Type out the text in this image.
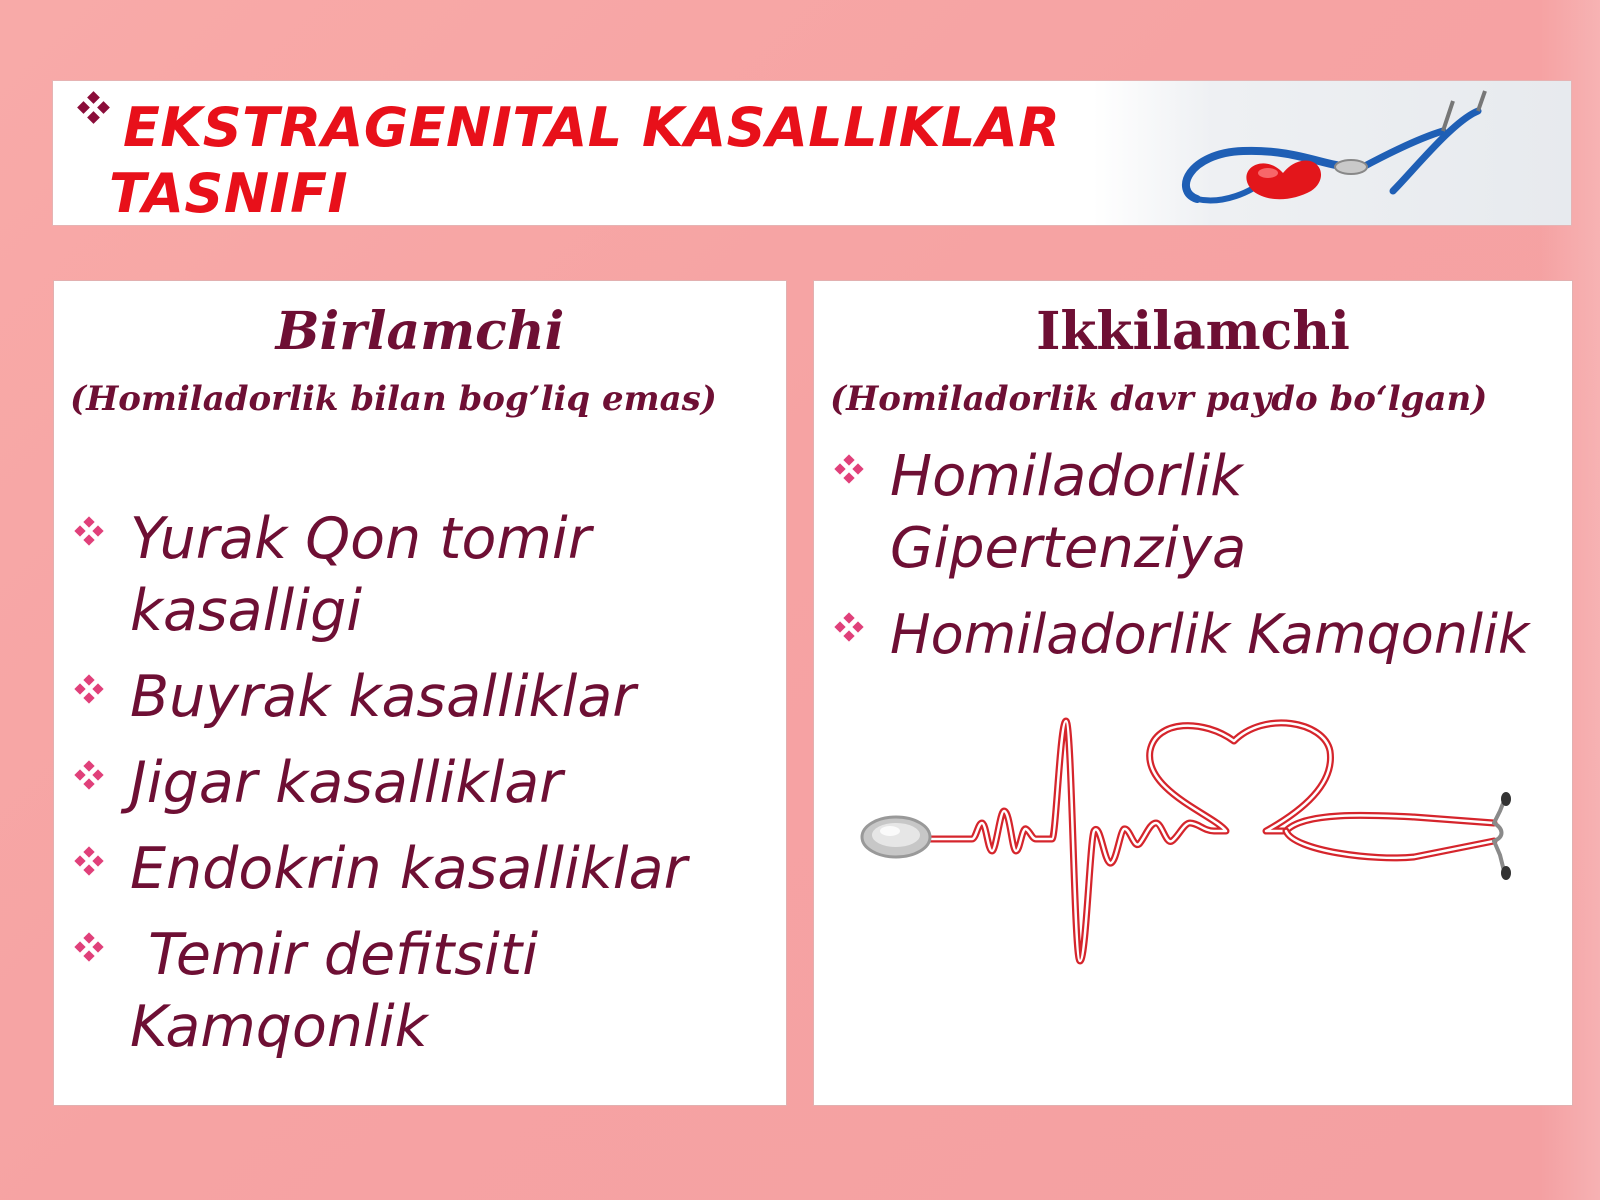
EKSTRAGENITAL KASALLIKLAR
TASNIFI
Birlamchi
(Homiladorlik bilan bog’liq emas)
Yurak Qon tomir kasalligi
Buyrak kasalliklar
Jigar kasalliklar
Endokrin kasalliklar
Temir defitsiti Kamqonlik
Ikkilamchi
(Homiladorlik davr paydo bo‘lgan)
Homiladorlik Gipertenziya
Homiladorlik Kamqonlik
